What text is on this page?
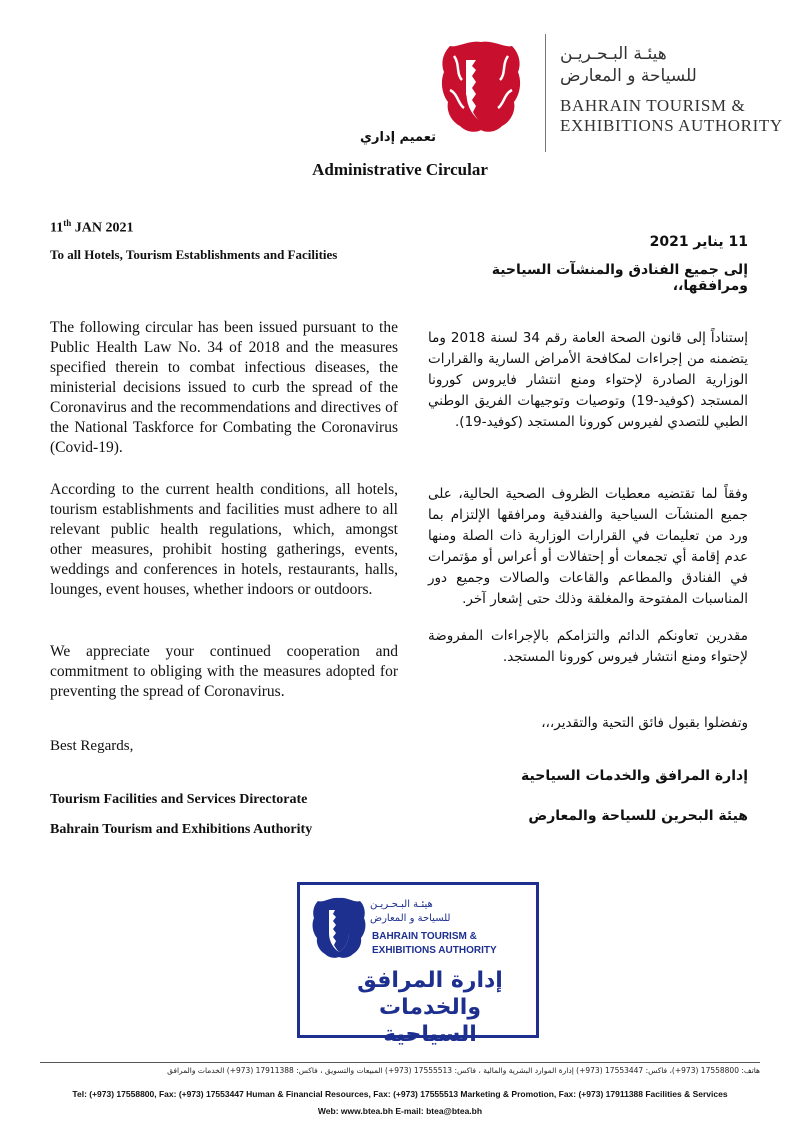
هيئـة البـحـريـن
للسياحة و المعارض
BAHRAIN TOURISM &
EXHIBITIONS AUTHORITY
تعميم إداري
Administrative Circular
11th JAN 2021
To all Hotels, Tourism Establishments and Facilities
The following circular has been issued pursuant to the Public Health Law No. 34 of 2018 and the measures specified therein to combat infectious diseases, the ministerial decisions issued to curb the spread of the Coronavirus and the recommendations and directives of the National Taskforce for Combating the Coronavirus (Covid-19).
According to the current health conditions, all hotels, tourism establishments and facilities must adhere to all relevant public health regulations, which, amongst other measures, prohibit hosting gatherings, events, weddings and conferences in hotels, restaurants, halls, lounges, event houses, whether indoors or outdoors.
We appreciate your continued cooperation and commitment to obliging with the measures adopted for preventing the spread of Coronavirus.
Best Regards,
Tourism Facilities and Services Directorate
Bahrain Tourism and Exhibitions Authority
11 يناير 2021
إلى جميع الفنادق والمنشآت السياحية ومرافقها،،
إستناداً إلى قانون الصحة العامة رقم 34 لسنة 2018 وما يتضمنه من إجراءات لمكافحة الأمراض السارية والقرارات الوزارية الصادرة لإحتواء ومنع انتشار فايروس كورونا المستجد (كوفيد-19) وتوصيات وتوجيهات الفريق الوطني الطبي للتصدي لفيروس كورونا المستجد (كوفيد-19).
وفقاً لما تقتضيه معطيات الظروف الصحية الحالية، على جميع المنشآت السياحية والفندقية ومرافقها الإلتزام بما ورد من تعليمات في القرارات الوزارية ذات الصلة ومنها عدم إقامة أي تجمعات أو إحتفالات أو أعراس أو مؤتمرات في الفنادق والمطاعم والقاعات والصالات وجميع دور المناسبات المفتوحة والمغلقة وذلك حتى إشعار آخر.
مقدرين تعاونكم الدائم والتزامكم بالإجراءات المفروضة لإحتواء ومنع انتشار فيروس كورونا المستجد.
وتفضلوا بقبول فائق التحية والتقدير،،،
إدارة المرافق والخدمات السياحية
هيئة البحرين للسياحة والمعارض
هيئـة البـحـريـن
للسياحة و المعارض
BAHRAIN TOURISM &
EXHIBITIONS AUTHORITY
إدارة المرافق والخدمات السياحية
هاتف: 17558800 (973+)، فاكس: 17553447 (973+) إدارة الموارد البشرية والمالية ، فاكس: 17555513 (973+) المبيعات والتسويق ، فاكس: 17911388 (973+) الخدمات والمرافق
Tel: (+973) 17558800, Fax: (+973) 17553447 Human & Financial Resources, Fax: (+973) 17555513 Marketing & Promotion, Fax: (+973) 17911388 Facilities & Services
Web: www.btea.bh E-mail: btea@btea.bh
